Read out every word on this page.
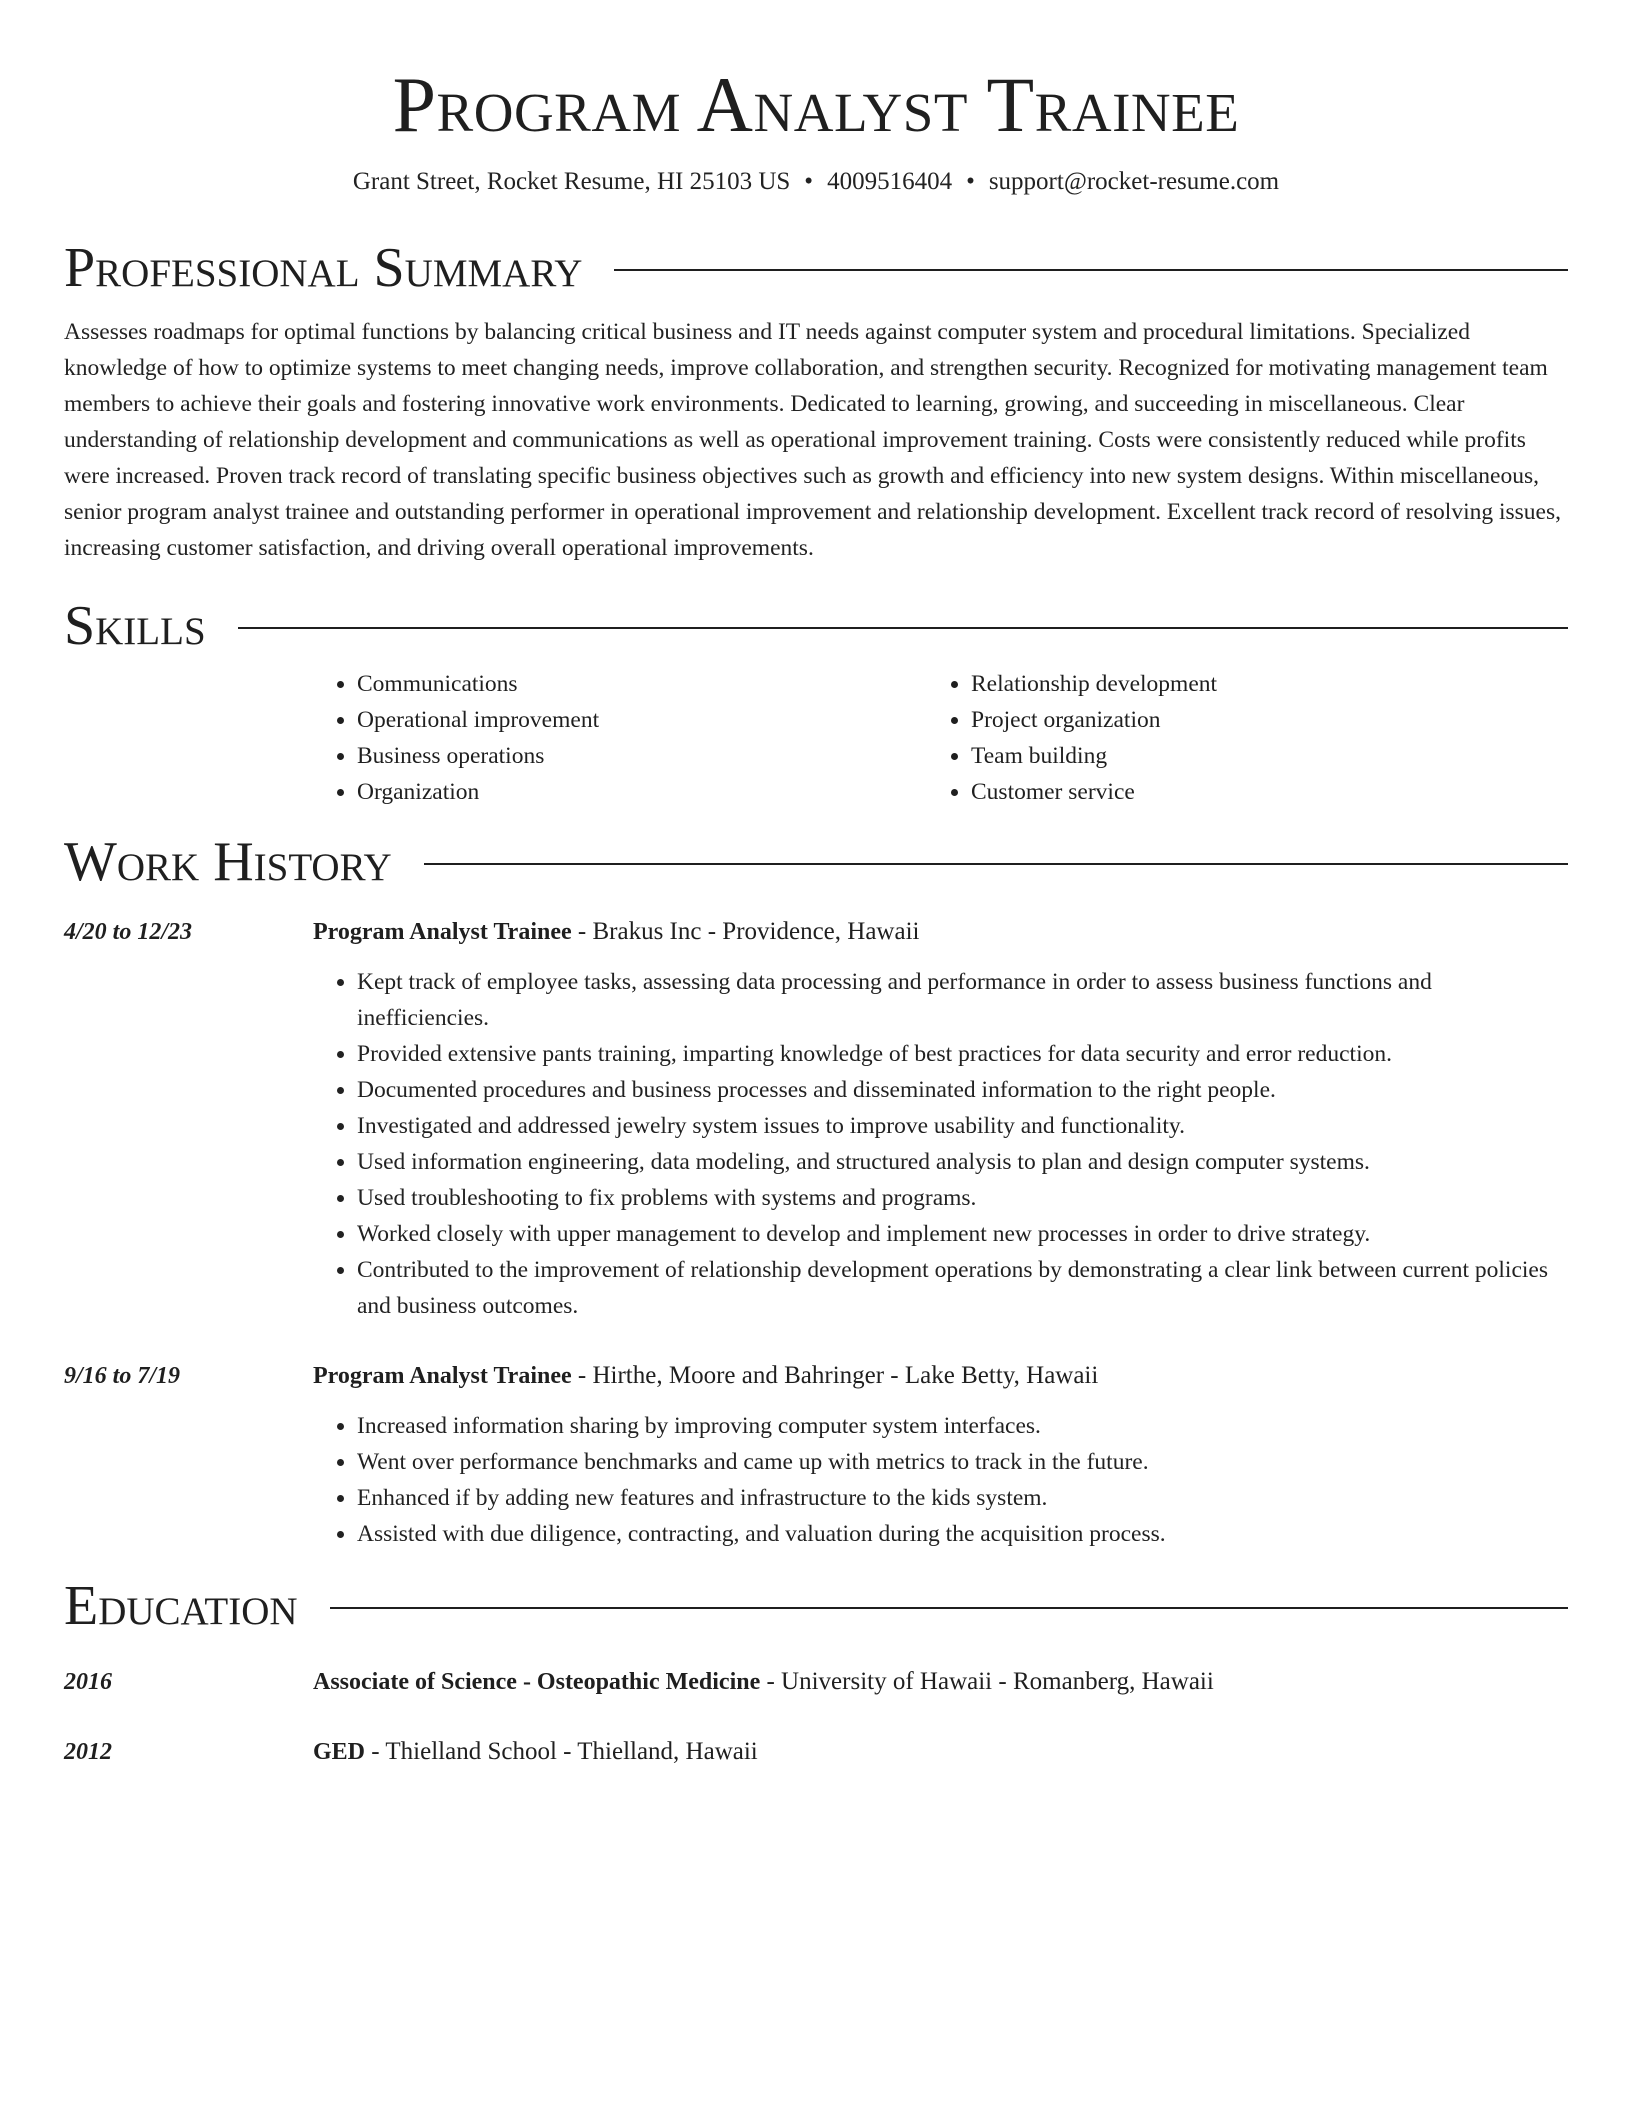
Program Analyst Trainee
Grant Street, Rocket Resume, HI 25103 US • 4009516404 • support@rocket-resume.com
Professional Summary

Assesses roadmaps for optimal functions by balancing critical business and IT needs against computer system and procedural limitations. Specialized knowledge of how to optimize systems to meet changing needs, improve collaboration, and strengthen security. Recognized for motivating management team members to achieve their goals and fostering innovative work environments. Dedicated to learning, growing, and succeeding in miscellaneous. Clear understanding of relationship development and communications as well as operational improvement training. Costs were consistently reduced while profits were increased. Proven track record of translating specific business objectives such as growth and efficiency into new system designs. Within miscellaneous, senior program analyst trainee and outstanding performer in operational improvement and relationship development. Excellent track record of resolving issues, increasing customer satisfaction, and driving overall operational improvements.

Skills
• Communications
• Operational improvement
• Business operations
• Organization
• Relationship development
• Project organization
• Team building
• Customer service
Work History
4/20 to 12/23	Program Analyst Trainee - Brakus Inc - Providence, Hawaii
• Kept track of employee tasks, assessing data processing and performance in order to assess business functions and inefficiencies.
• Provided extensive pants training, imparting knowledge of best practices for data security and error reduction.
• Documented procedures and business processes and disseminated information to the right people.
• Investigated and addressed jewelry system issues to improve usability and functionality.
• Used information engineering, data modeling, and structured analysis to plan and design computer systems.
• Used troubleshooting to fix problems with systems and programs.
• Worked closely with upper management to develop and implement new processes in order to drive strategy.
• Contributed to the improvement of relationship development operations by demonstrating a clear link between current policies and business outcomes.
9/16 to 7/19	Program Analyst Trainee - Hirthe, Moore and Bahringer - Lake Betty, Hawaii
• Increased information sharing by improving computer system interfaces.
• Went over performance benchmarks and came up with metrics to track in the future.
• Enhanced if by adding new features and infrastructure to the kids system.
• Assisted with due diligence, contracting, and valuation during the acquisition process.
Education
2016	Associate of Science - Osteopathic Medicine - University of Hawaii - Romanberg, Hawaii
2012	GED - Thielland School - Thielland, Hawaii
